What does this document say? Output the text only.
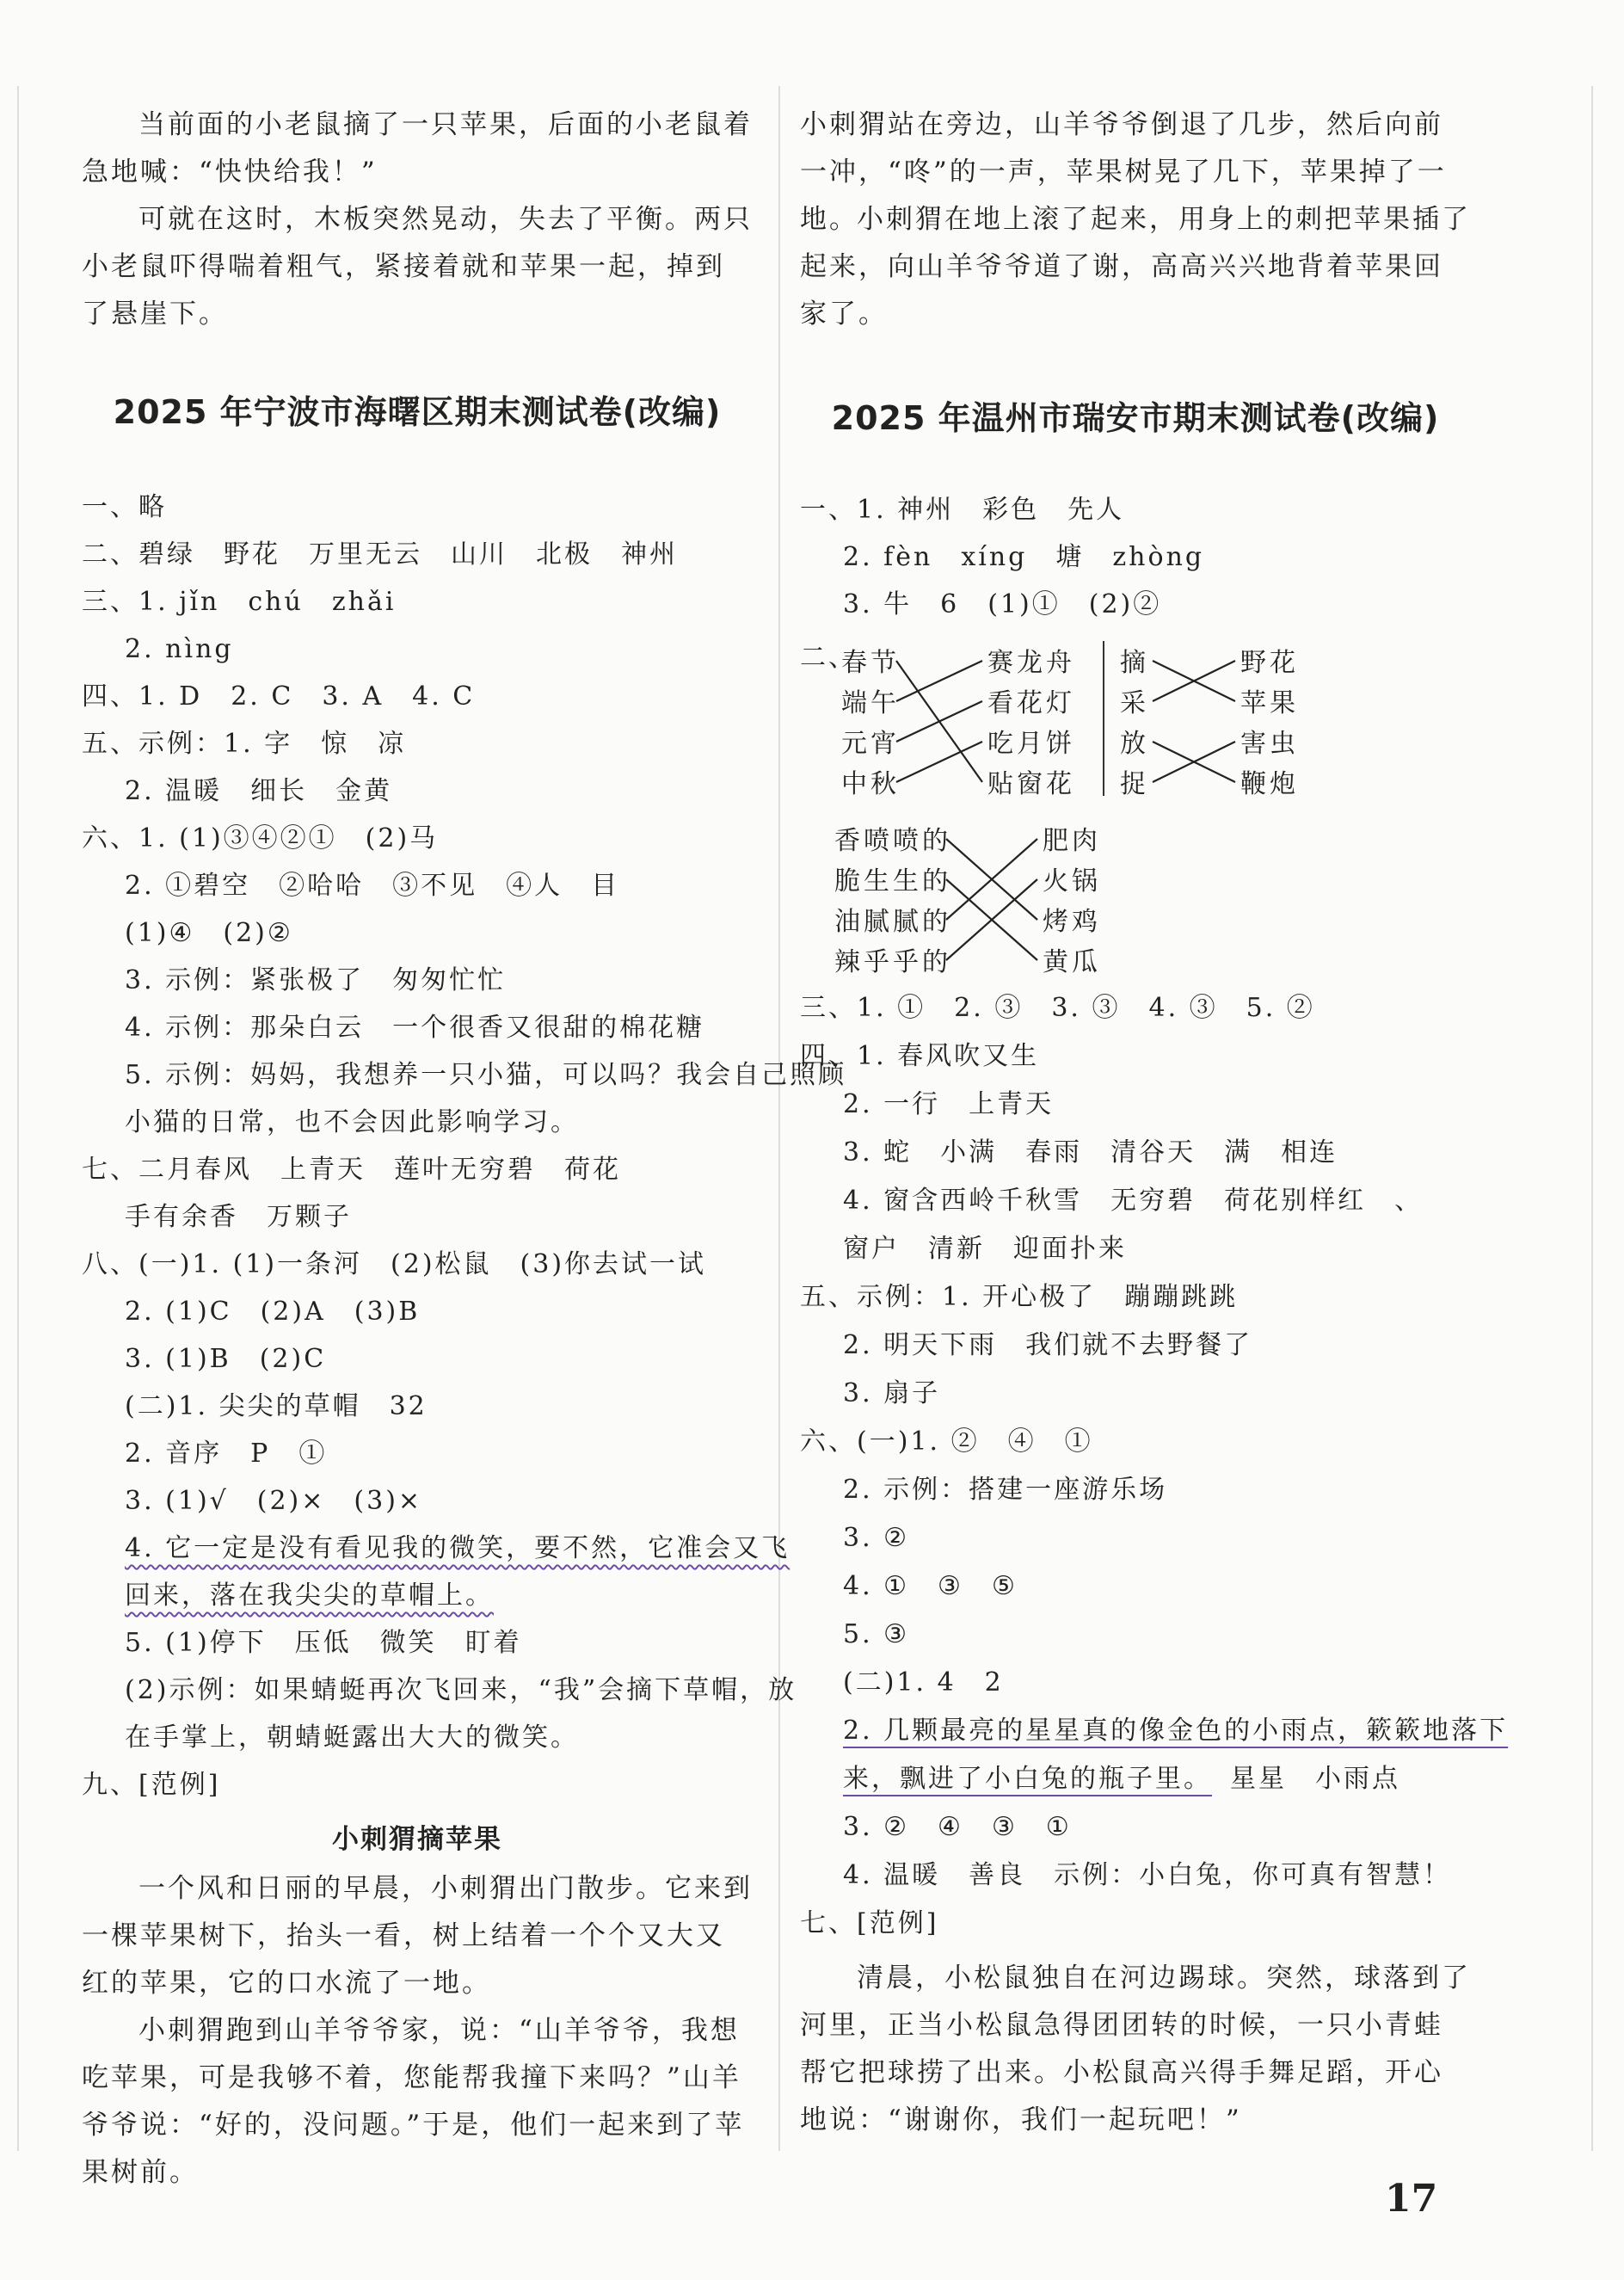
当前面的小老鼠摘了一只苹果，后面的小老鼠着急地喊：“快快给我！”
可就在这时，木板突然晃动，失去了平衡。两只小老鼠吓得喘着粗气，紧接着就和苹果一起，掉到了悬崖下。
2025 年宁波市海曙区期末测试卷(改编)
一、略
二、碧绿　野花　万里无云　山川　北极　神州
三、1. jǐn　chú　zhǎi
2. nìng
四、1. D　2. C　3. A　4. C
五、示例：1. 字　惊　凉
2. 温暖　细长　金黄
六、1. (1)③④②①　(2)马
2. ①碧空　②哈哈　③不见　④人　目
(1)④　(2)②
3. 示例：紧张极了　匆匆忙忙
4. 示例：那朵白云　一个很香又很甜的棉花糖
5. 示例：妈妈，我想养一只小猫，可以吗？我会自己照顾
小猫的日常，也不会因此影响学习。
七、二月春风　上青天　莲叶无穷碧　荷花
手有余香　万颗子
八、(一)1. (1)一条河　(2)松鼠　(3)你去试一试
2. (1)C　(2)A　(3)B
3. (1)B　(2)C
(二)1. 尖尖的草帽　32
2. 音序　P　①
3. (1)√　(2)×　(3)×
4. 它一定是没有看见我的微笑，要不然，它准会又飞
回来，落在我尖尖的草帽上。
5. (1)停下　压低　微笑　盯着
(2)示例：如果蜻蜓再次飞回来，“我”会摘下草帽，放
在手掌上，朝蜻蜓露出大大的微笑。
九、[范例]
小刺猬摘苹果
一个风和日丽的早晨，小刺猬出门散步。它来到一棵苹果树下，抬头一看，树上结着一个个又大又红的苹果，它的口水流了一地。
小刺猬跑到山羊爷爷家，说：“山羊爷爷，我想吃苹果，可是我够不着，您能帮我撞下来吗？”山羊爷爷说：“好的，没问题。”于是，他们一起来到了苹果树前。
小刺猬站在旁边，山羊爷爷倒退了几步，然后向前一冲，“咚”的一声，苹果树晃了几下，苹果掉了一地。
小刺猬在地上滚了起来，用身上的刺把苹果插了起来，向山羊爷爷道了谢，高高兴兴地背着苹果回家了。
2025 年温州市瑞安市期末测试卷(改编)
一、1. 神州　彩色　先人
2. fèn　xíng　塘　zhòng
3. 牛　6　(1)①　(2)②
二、
春节
端午
元宵
中秋
赛龙舟
看花灯
吃月饼
贴窗花
摘
采
放
捉
野花
苹果
害虫
鞭炮
香喷喷的
脆生生的
油腻腻的
辣乎乎的
肥肉
火锅
烤鸡
黄瓜
三、1. ①　2. ③　3. ③　4. ③　5. ②
四、1. 春风吹又生
2. 一行　上青天
3. 蛇　小满　春雨　清谷天　满　相连
4. 窗含西岭千秋雪　无穷碧　荷花别样红　、
窗户　清新　迎面扑来
五、示例：1. 开心极了　蹦蹦跳跳
2. 明天下雨　我们就不去野餐了
3. 扇子
六、(一)1. ②　④　①
2. 示例：搭建一座游乐场
3. ②
4. ①　③　⑤
5. ③
(二)1. 4　2
2. 几颗最亮的星星真的像金色的小雨点，簌簌地落下
来，飘进了小白兔的瓶子里。 星星　小雨点
3. ②　④　③　①
4. 温暖　善良　示例：小白兔，你可真有智慧！
七、[范例]
清晨，小松鼠独自在河边踢球。突然，球落到了河里，正当小松鼠急得团团转的时候，一只小青蛙帮它把球捞了出来。小松鼠高兴得手舞足蹈，开心地说：“谢谢你，我们一起玩吧！”
17
